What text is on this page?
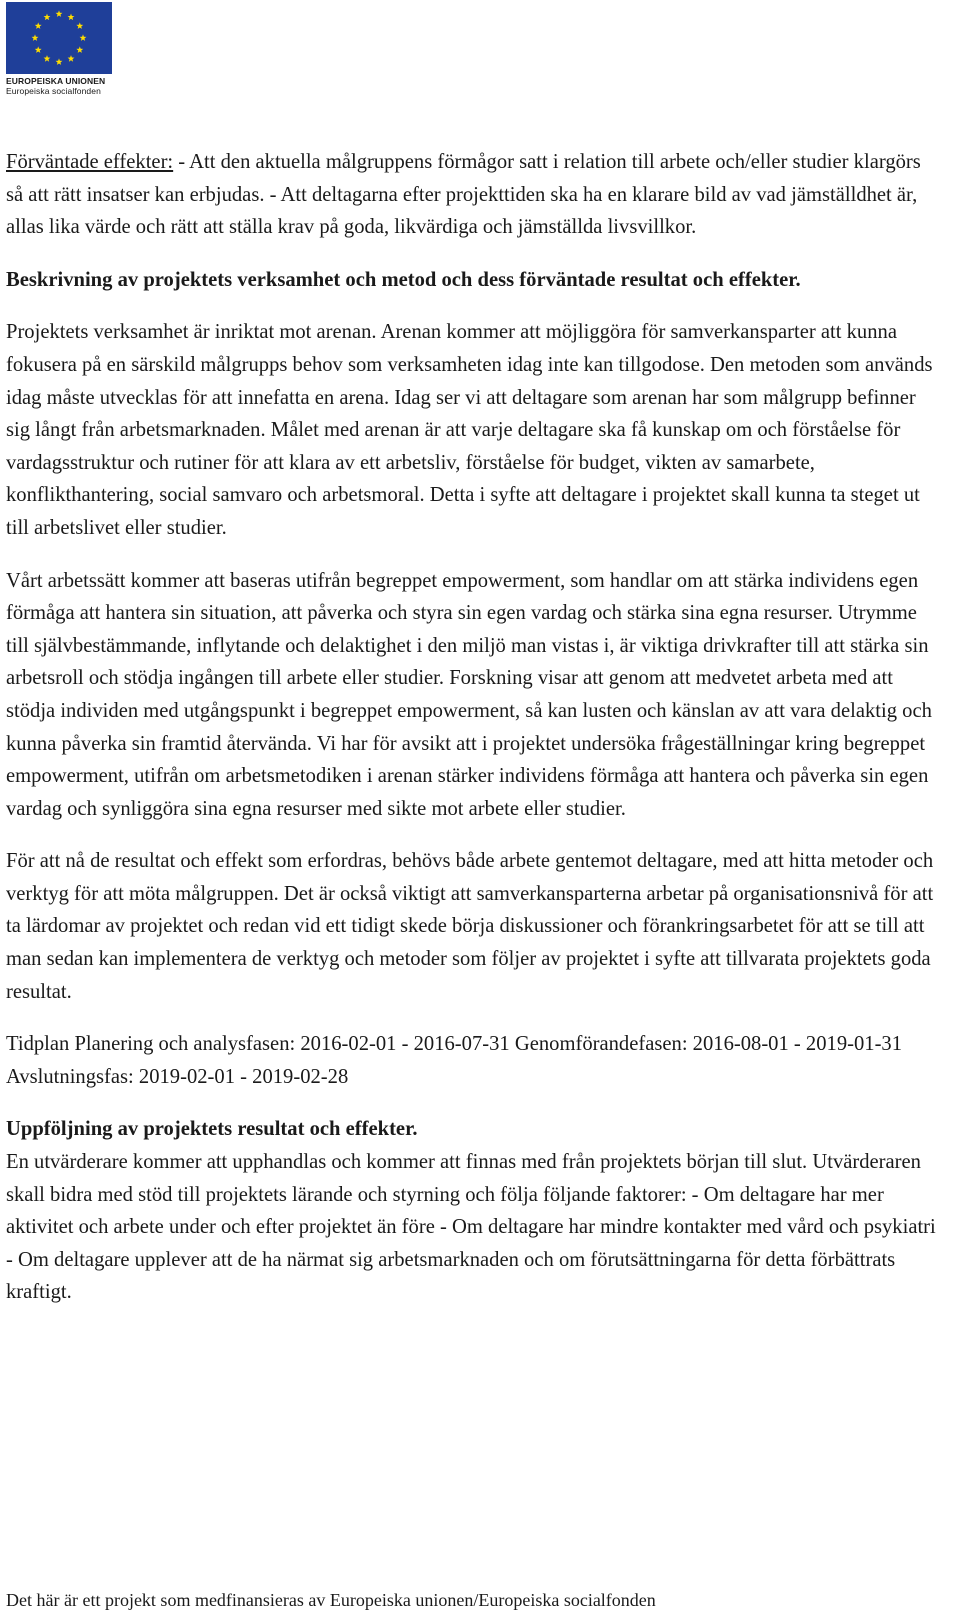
EUROPEISKA UNIONEN
Europeiska socialfonden

Förväntade effekter: - Att den aktuella målgruppens förmågor satt i relation till arbete och/eller studier klargörs så att rätt insatser kan erbjudas. - Att deltagarna efter projekttiden ska ha en klarare bild av vad jämställdhet är, allas lika värde och rätt att ställa krav på goda, likvärdiga och jämställda livsvillkor.

Beskrivning av projektets verksamhet och metod och dess förväntade resultat och effekter.

Projektets verksamhet är inriktat mot arenan. Arenan kommer att möjliggöra för samverkansparter att kunna fokusera på en särskild målgrupps behov som verksamheten idag inte kan tillgodose. Den metoden som används idag måste utvecklas för att innefatta en arena. Idag ser vi att deltagare som arenan har som målgrupp befinner sig långt från arbetsmarknaden. Målet med arenan är att varje deltagare ska få kunskap om och förståelse för vardagsstruktur och rutiner för att klara av ett arbetsliv, förståelse för budget, vikten av samarbete, konflikthantering, social samvaro och arbetsmoral. Detta i syfte att deltagare i projektet skall kunna ta steget ut till arbetslivet eller studier.

Vårt arbetssätt kommer att baseras utifrån begreppet empowerment, som handlar om att stärka individens egen förmåga att hantera sin situation, att påverka och styra sin egen vardag och stärka sina egna resurser. Utrymme till självbestämmande, inflytande och delaktighet i den miljö man vistas i, är viktiga drivkrafter till att stärka sin arbetsroll och stödja ingången till arbete eller studier. Forskning visar att genom att medvetet arbeta med att stödja individen med utgångspunkt i begreppet empowerment, så kan lusten och känslan av att vara delaktig och kunna påverka sin framtid återvända. Vi har för avsikt att i projektet undersöka frågeställningar kring begreppet empowerment, utifrån om arbetsmetodiken i arenan stärker individens förmåga att hantera och påverka sin egen vardag och synliggöra sina egna resurser med sikte mot arbete eller studier.

För att nå de resultat och effekt som erfordras, behövs både arbete gentemot deltagare, med att hitta metoder och verktyg för att möta målgruppen. Det är också viktigt att samverkansparterna arbetar på organisationsnivå för att ta lärdomar av projektet och redan vid ett tidigt skede börja diskussioner och förankringsarbetet för att se till att man sedan kan implementera de verktyg och metoder som följer av projektet i syfte att tillvarata projektets goda resultat.

Tidplan Planering och analysfasen: 2016-02-01 - 2016-07-31 Genomförandefasen: 2016-08-01 - 2019-01-31 Avslutningsfas: 2019-02-01 - 2019-02-28

Uppföljning av projektets resultat och effekter.

En utvärderare kommer att upphandlas och kommer att finnas med från projektets början till slut. Utvärderaren skall bidra med stöd till projektets lärande och styrning och följa följande faktorer: - Om deltagare har mer aktivitet och arbete under och efter projektet än före - Om deltagare har mindre kontakter med vård och psykiatri - Om deltagare upplever att de ha närmat sig arbetsmarknaden och om förutsättningarna för detta förbättrats kraftigt.

Det här är ett projekt som medfinansieras av Europeiska unionen/Europeiska socialfonden
